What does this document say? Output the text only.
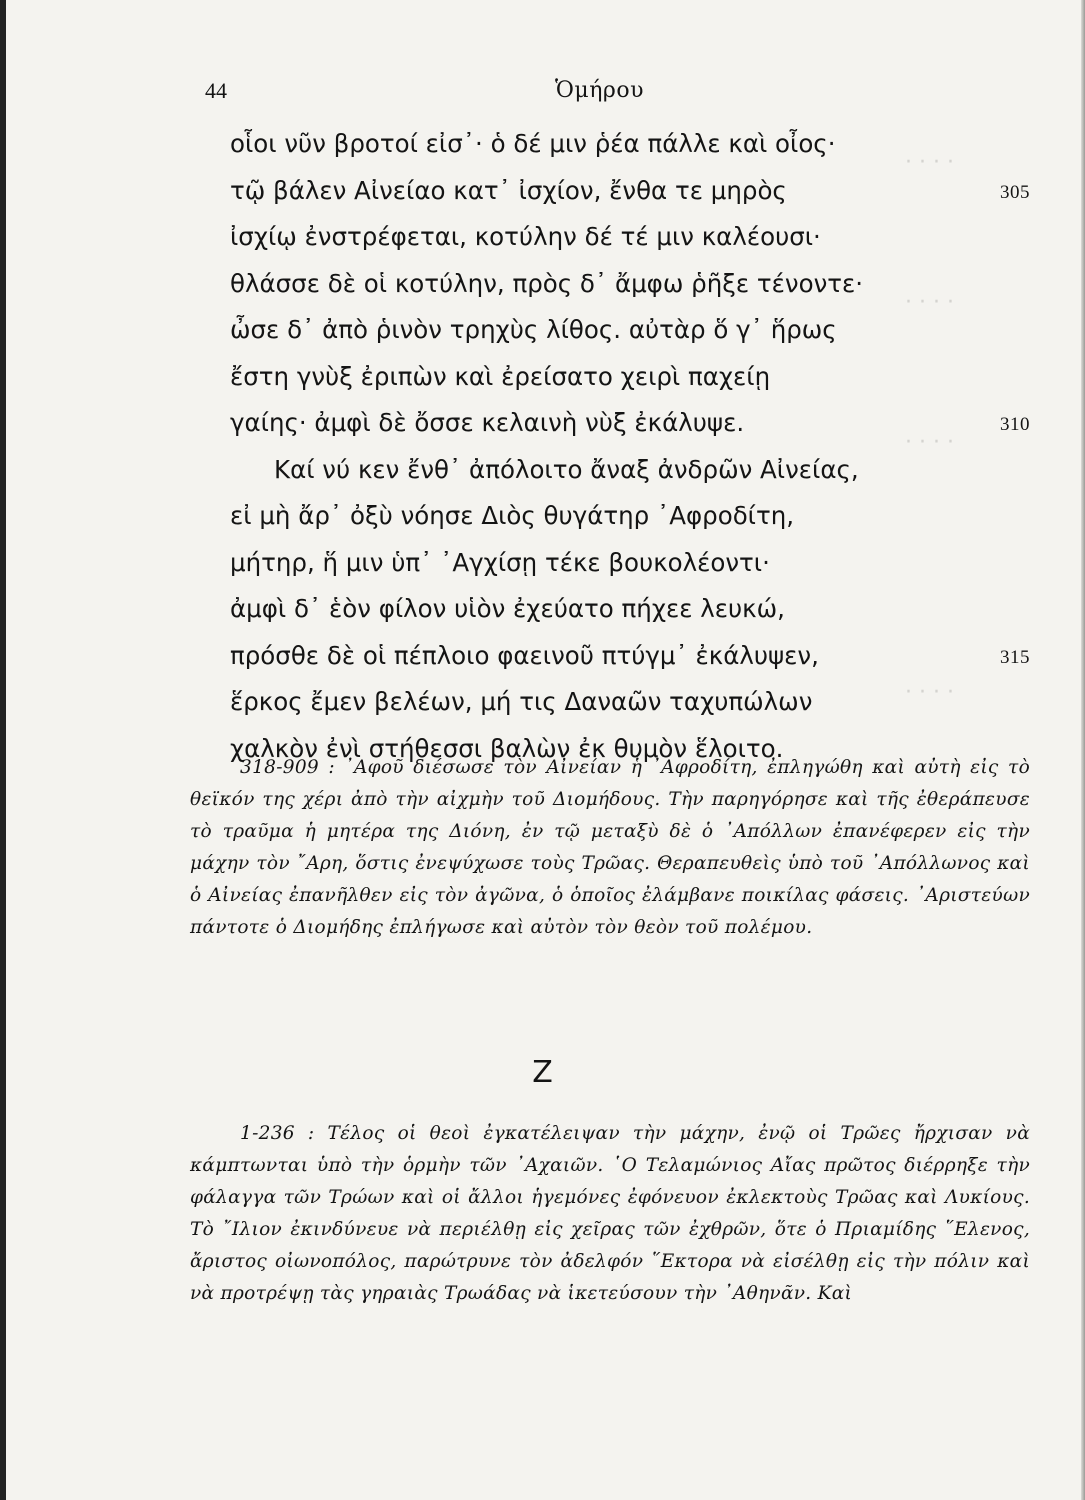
· · · ·
· · · ·
· · · ·
· · · ·
44	Ὁμήρου
οἷοι νῦν βροτοί εἰσ᾽· ὁ δέ μιν ῥέα πάλλε καὶ οἶος·
τῷ βάλεν Αἰνείαο κατ᾽ ἰσχίον, ἔνθα τε μηρὸς	305
ἰσχίῳ ἐνστρέφεται, κοτύλην δέ τέ μιν καλέουσι·
θλάσσε δὲ οἱ κοτύλην, πρὸς δ᾽ ἄμφω ῥῆξε τένοντε·
ὦσε δ᾽ ἀπὸ ῥινὸν τρηχὺς λίθος. αὐτὰρ ὅ γ᾽ ἥρως
ἔστη γνὺξ ἐριπὼν καὶ ἐρείσατο χειρὶ παχείῃ
γαίης· ἀμφὶ δὲ ὄσσε κελαινὴ νὺξ ἐκάλυψε.	310
Καί νύ κεν ἔνθ᾽ ἀπόλοιτο ἄναξ ἀνδρῶν Αἰνείας,
εἰ μὴ ἄρ᾽ ὀξὺ νόησε Διὸς θυγάτηρ ᾿Αφροδίτη,
μήτηρ, ἥ μιν ὑπ᾽ ᾿Αγχίσῃ τέκε βουκολέοντι·
ἀμφὶ δ᾽ ἑὸν φίλον υἱὸν ἐχεύατο πήχεε λευκώ,
πρόσθε δὲ οἱ πέπλοιο φαεινοῦ πτύγμ᾽ ἐκάλυψεν,	315
ἕρκος ἔμεν βελέων, μή τις Δαναῶν ταχυπώλων
χαλκὸν ἐνὶ στήθεσσι βαλὼν ἐκ θυμὸν ἕλοιτο.

318-909 : ᾿Αφοῦ διέσωσε τὸν Αἰνείαν ἡ ᾿Αφροδίτη, ἐπληγώθη καὶ αὐτὴ εἰς τὸ θεϊκόν της χέρι ἀπὸ τὴν αἰχμὴν τοῦ Διομήδους. Τὴν παρηγόρησε καὶ τῆς ἐθεράπευσε τὸ τραῦμα ἡ μητέρα της Διόνη, ἐν τῷ μεταξὺ δὲ ὁ ᾿Απόλλων ἐπανέφερεν εἰς τὴν μάχην τὸν ῎Αρη, ὅστις ἐνεψύχωσε τοὺς Τρῶας. Θεραπευθεὶς ὑπὸ τοῦ ᾿Απόλλωνος καὶ ὁ Αἰνείας ἐπανῆλθεν εἰς τὸν ἀγῶνα, ὁ ὁποῖος ἐλάμβανε ποικίλας φάσεις. ᾿Αριστεύων πάντοτε ὁ Διομήδης ἐπλήγωσε καὶ αὐτὸν τὸν θεὸν τοῦ πολέμου.

Ζ

1-236 : Τέλος οἱ θεοὶ ἐγκατέλειψαν τὴν μάχην, ἐνῷ οἱ Τρῶες ἤρχισαν νὰ κάμπτωνται ὑπὸ τὴν ὁρμὴν τῶν ᾿Αχαιῶν. ῾Ο Τελαμώνιος Αἴας πρῶτος διέρρηξε τὴν φάλαγγα τῶν Τρώων καὶ οἱ ἄλλοι ἡγεμόνες ἐφόνευον ἐκλεκτοὺς Τρῶας καὶ Λυκίους. Τὸ ῎Ιλιον ἐκινδύνευε νὰ περιέλθῃ εἰς χεῖρας τῶν ἐχθρῶν, ὅτε ὁ Πριαμίδης ῞Ελενος, ἄριστος οἰωνοπόλος, παρώτρυνε τὸν ἀδελφόν ῞Εκτορα νὰ εἰσέλθῃ εἰς τὴν πόλιν καὶ νὰ προτρέψῃ τὰς γηραιὰς Τρωάδας νὰ ἱκετεύσουν τὴν ᾿Αθηνᾶν. Καὶ
